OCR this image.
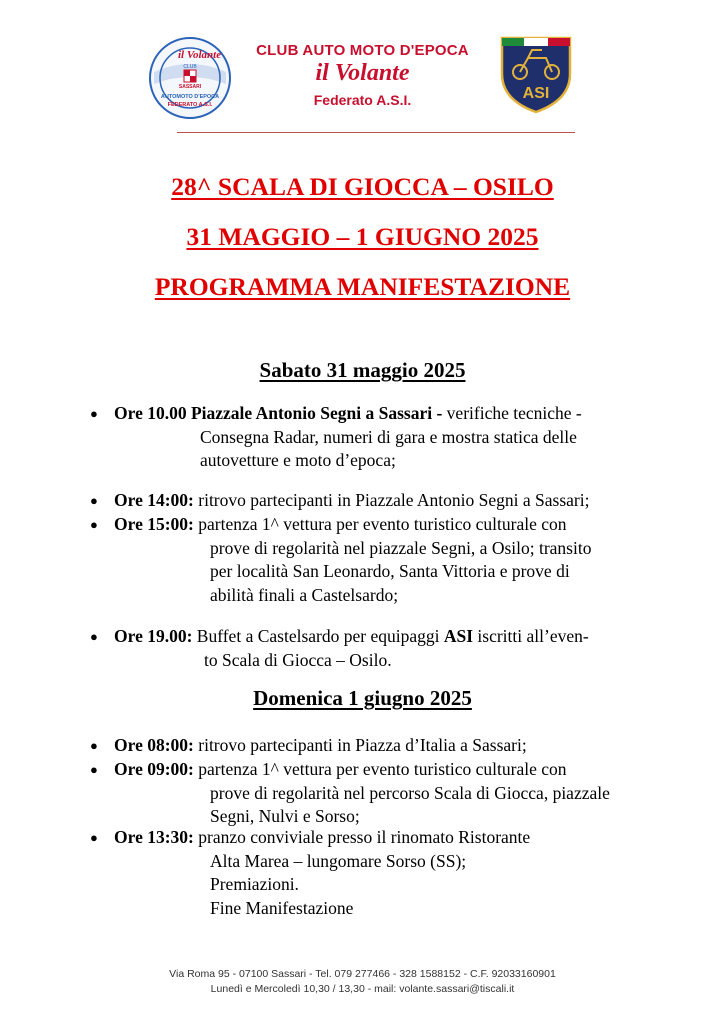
il Volante
CLUB
SASSARI
AUTOMOTO D'EPOCA
FEDERATO A.S.I.
CLUB AUTO MOTO D'EPOCA
il Volante
Federato A.S.I.	ASI
28^ SCALA DI GIOCCA – OSILO
31 MAGGIO – 1 GIUGNO 2025
PROGRAMMA MANIFESTAZIONE
Sabato 31 maggio 2025
● Ore 10.00 Piazzale Antonio Segni a Sassari - verifiche tecniche -
Consegna Radar, numeri di gara e mostra statica delle
autovetture e moto d’epoca;
● Ore 14:00: ritrovo partecipanti in Piazzale Antonio Segni a Sassari;
● Ore 15:00: partenza 1^ vettura per evento turistico culturale con
prove di regolarità nel piazzale Segni, a Osilo; transito
per località San Leonardo, Santa Vittoria e prove di
abilità finali a Castelsardo;
● Ore 19.00: Buffet a Castelsardo per equipaggi ASI iscritti all’even-
to Scala di Giocca – Osilo.
Domenica 1 giugno 2025
● Ore 08:00: ritrovo partecipanti in Piazza d’Italia a Sassari;
● Ore 09:00: partenza 1^ vettura per evento turistico culturale con
prove di regolarità nel percorso Scala di Giocca, piazzale
Segni, Nulvi e Sorso;
● Ore 13:30: pranzo conviviale presso il rinomato Ristorante
Alta Marea – lungomare Sorso (SS);
Premiazioni.
Fine Manifestazione
Via Roma 95 - 07100 Sassari - Tel. 079 277466 - 328 1588152 - C.F. 92033160901
Lunedì e Mercoledì 10,30 / 13,30 - mail: volante.sassari@tiscali.it
